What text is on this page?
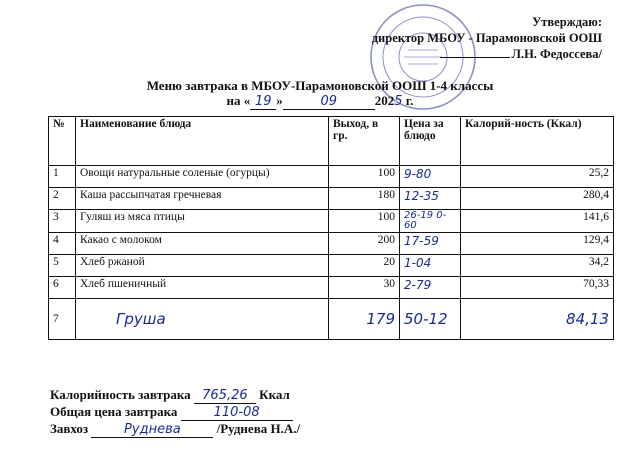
Утверждаю:
директор МБОУ - Парамоновской ООШ
Л.Н. Федоссева/
Меню завтрака в МБОУ-Парамоновской ООШ 1-4 классы
на « 19 »	09	2025 г.
№	Наименование блюда	Выход, в гр.	Цена за блюдо	Калорий-ность (Ккал)
1	Овощи натуральные соленые (огурцы)	100	9-80	25,2
2	Каша рассыпчатая гречневая	180	12-35	280,4
3	Гуляш из мяса птицы	100	26-19 0-60	141,6
4	Какао с молоком	200	17-59	129,4
5	Хлеб ржаной	20	1-04	34,2
6	Хлеб пшеничный	30	2-79	70,33
7	Груша	179	50-12	84,13
Калорийность завтрака 765,26 Ккал
Общая цена завтрака	110-08
Завхоз	Руднева	/Руднева Н.А./
